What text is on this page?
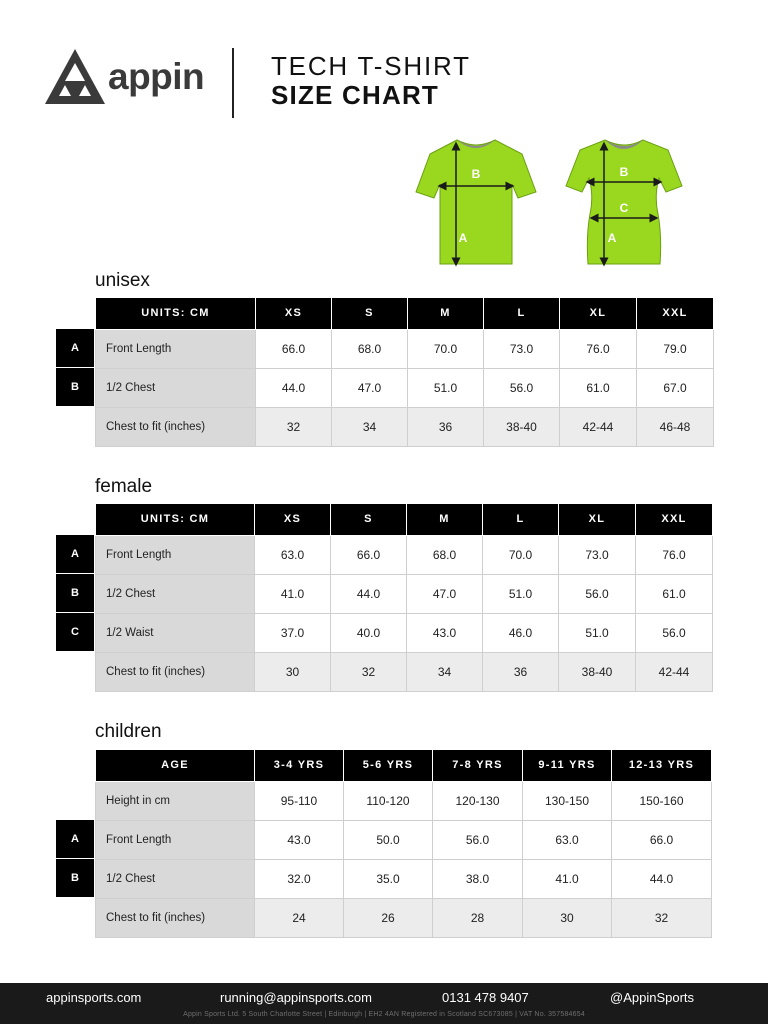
appin	TECH T-SHIRT
SIZE CHART
B
A
B
C
A
unisex
A
B
UNITS: CM	XS	S	M	L	XL	XXL
Front Length	66.0	68.0	70.0	73.0	76.0	79.0
1/2 Chest	44.0	47.0	51.0	56.0	61.0	67.0
Chest to fit (inches)	32	34	36	38-40	42-44	46-48
female
A
B
C
UNITS: CM	XS	S	M	L	XL	XXL
Front Length	63.0	66.0	68.0	70.0	73.0	76.0
1/2 Chest	41.0	44.0	47.0	51.0	56.0	61.0
1/2 Waist	37.0	40.0	43.0	46.0	51.0	56.0
Chest to fit (inches)	30	32	34	36	38-40	42-44
children
A
B
AGE	3-4 YRS	5-6 YRS	7-8 YRS	9-11 YRS	12-13 YRS
Height in cm	95-110	110-120	120-130	130-150	150-160
Front Length	43.0	50.0	56.0	63.0	66.0
1/2 Chest	32.0	35.0	38.0	41.0	44.0
Chest to fit (inches)	24	26	28	30	32
appinsports.com	running@appinsports.com	0131 478 9407	@AppinSports
Appin Sports Ltd. 5 South Charlotte Street | Edinburgh | EH2 4AN Registered in Scotland SC673085 | VAT No. 357584654
